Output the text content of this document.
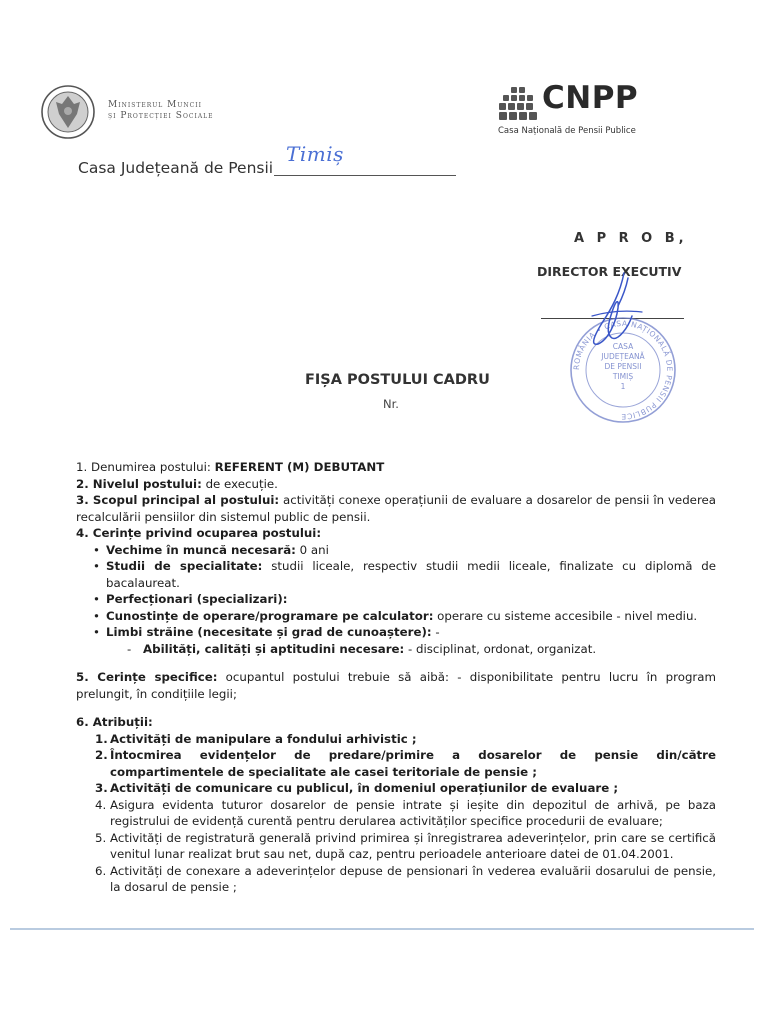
Ministerul Muncii
și Protecției Sociale	CNPP
Casa Națională de Pensii Publice
Casa Județeană de Pensii
Timiș
A P R O B,
DIRECTOR EXECUTIV
ROMÂNIA • CASA NAȚIONALĂ DE PENSII PUBLICE
CASA
JUDEȚEANĂ
DE PENSII
TIMIȘ
1
FIȘA POSTULUI CADRU
Nr.

1. Denumirea postului: REFERENT (M) DEBUTANT

2. Nivelul postului: de execuție.

3. Scopul principal al postului: activități conexe operațiunii de evaluare a dosarelor de pensii în vederea recalculării pensiilor din sistemul public de pensii.

4. Cerințe privind ocuparea postului:

• Vechime în muncă necesară: 0 ani

• Studii de specialitate: studii liceale, respectiv studii medii liceale, finalizate cu diplomă de bacalaureat.

• Perfecționari (specializari):

• Cunostințe de operare/programare pe calculator: operare cu sisteme accesibile - nivel mediu.

• Limbi străine (necesitate și grad de cunoaștere): -

- Abilități, calități și aptitudini necesare: - disciplinat, ordonat, organizat.

5. Cerințe specifice: ocupantul postului trebuie să aibă: - disponibilitate pentru lucru în program prelungit, în condițiile legii;

6. Atribuții:

1. Activități de manipulare a fondului arhivistic ;

2. Întocmirea evidențelor de predare/primire a dosarelor de pensie din/către compartimentele de specialitate ale casei teritoriale de pensie ;

3. Activități de comunicare cu publicul, în domeniul operațiunilor de evaluare ;

4. Asigura evidenta tuturor dosarelor de pensie intrate și ieșite din depozitul de arhivă, pe baza registrului de evidență curentă pentru derularea activităților specifice procedurii de evaluare;

5. Activități de registratură generală privind primirea și înregistrarea adeverințelor, prin care se certifică venitul lunar realizat brut sau net, după caz, pentru perioadele anterioare datei de 01.04.2001.

6. Activități de conexare a adeverințelor depuse de pensionari în vederea evaluării dosarului de pensie, la dosarul de pensie ;
